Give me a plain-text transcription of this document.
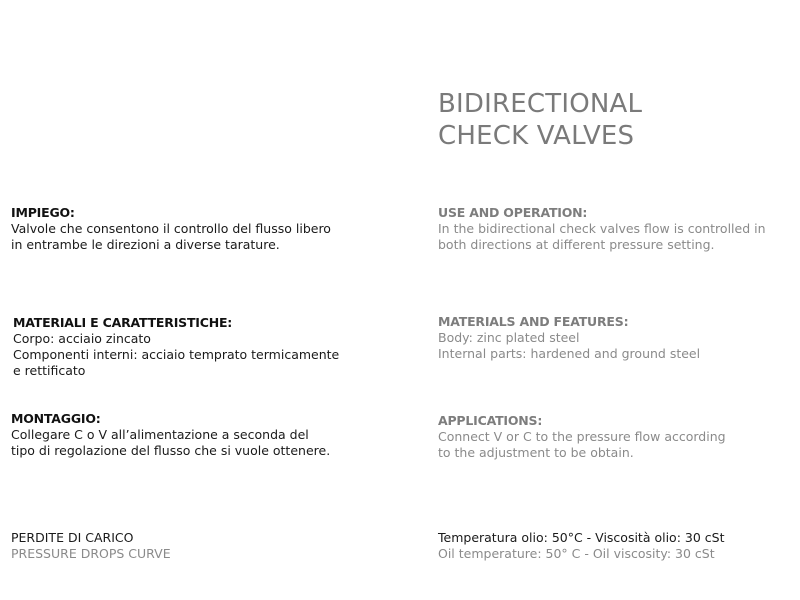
BIDIRECTIONAL
CHECK VALVES
IMPIEGO:
Valvole che consentono il controllo del flusso libero
in entrambe le direzioni a diverse tarature.
MATERIALI E CARATTERISTICHE:
Corpo: acciaio zincato
Componenti interni: acciaio temprato termicamente
e rettificato
MONTAGGIO:
Collegare C o V all’alimentazione a seconda del
tipo di regolazione del flusso che si vuole ottenere.
PERDITE DI CARICO
PRESSURE DROPS CURVE
USE AND OPERATION:
In the bidirectional check valves flow is controlled in
both directions at different pressure setting.
MATERIALS AND FEATURES:
Body: zinc plated steel
Internal parts: hardened and ground steel
APPLICATIONS:
Connect V or C to the pressure flow according
to the adjustment to be obtain.
Temperatura olio: 50°C - Viscosità olio: 30 cSt
Oil temperature: 50° C - Oil viscosity: 30 cSt
